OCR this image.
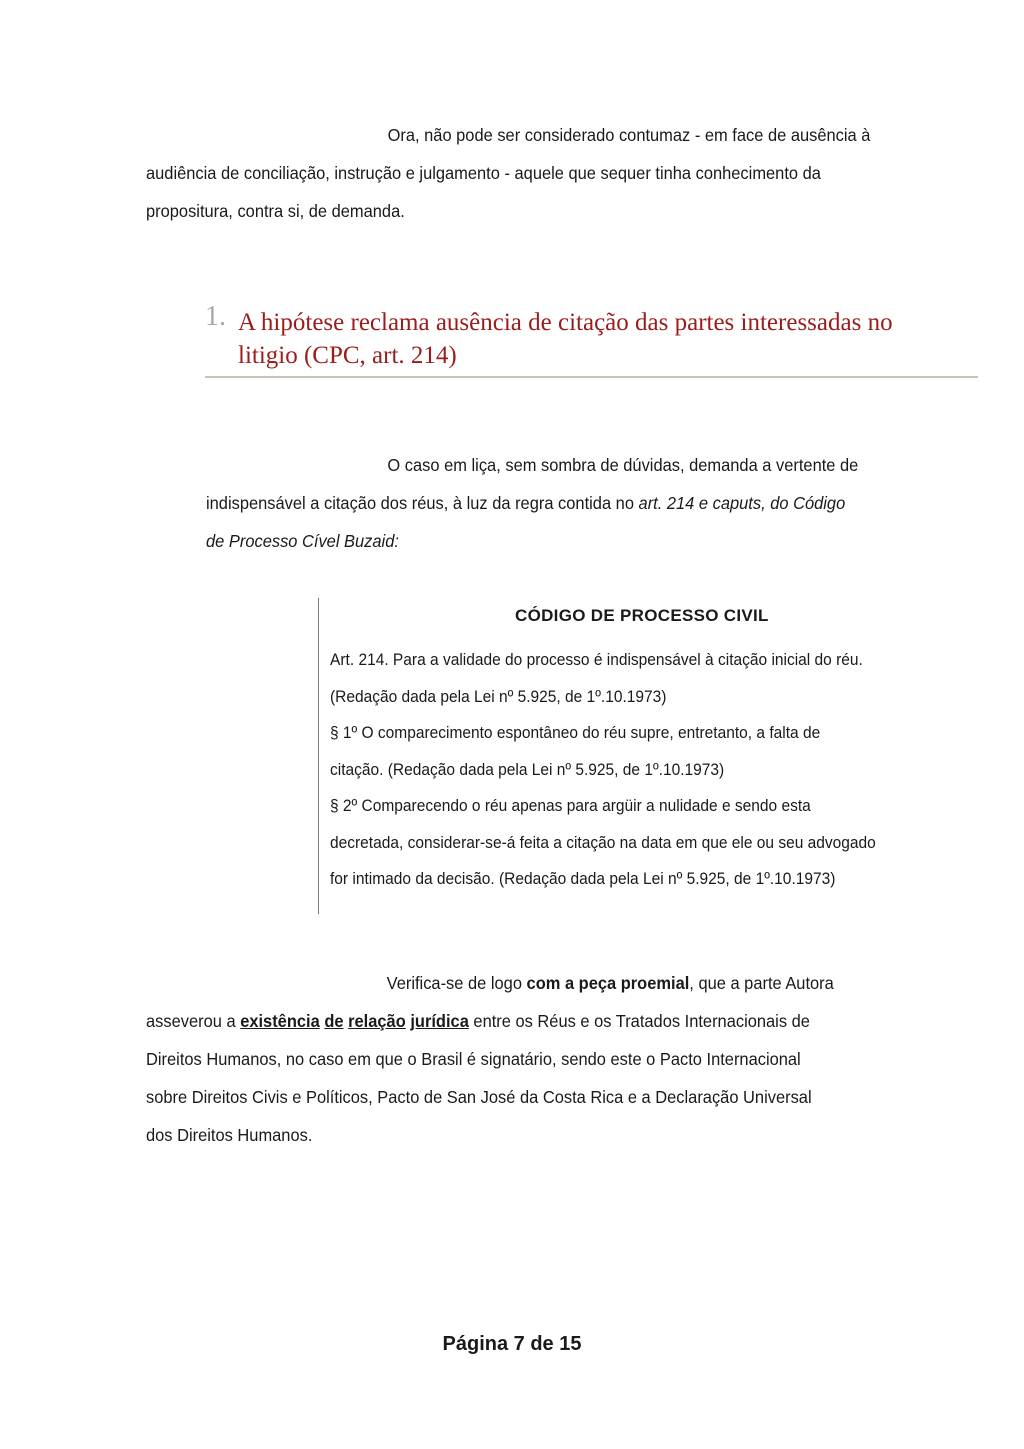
Ora, não pode ser considerado contumaz - em face de ausência à
audiência de conciliação, instrução e julgamento - aquele que sequer tinha conhecimento da
propositura, contra si, de demanda.
1. A hipótese reclama ausência de citação das partes interessadas no
litigio (CPC, art. 214)
O caso em liça, sem sombra de dúvidas, demanda a vertente de
indispensável a citação dos réus, à luz da regra contida no art. 214 e caputs, do Código
de Processo Cível Buzaid:
CÓDIGO DE PROCESSO CIVIL
Art. 214. Para a validade do processo é indispensável à citação inicial do réu.
(Redação dada pela Lei nº 5.925, de 1º.10.1973)
§ 1º O comparecimento espontâneo do réu supre, entretanto, a falta de
citação. (Redação dada pela Lei nº 5.925, de 1º.10.1973)
§ 2º Comparecendo o réu apenas para argüir a nulidade e sendo esta
decretada, considerar-se-á feita a citação na data em que ele ou seu advogado
for intimado da decisão. (Redação dada pela Lei nº 5.925, de 1º.10.1973)
Verifica-se de logo com a peça proemial, que a parte Autora
asseverou a existência de relação jurídica entre os Réus e os Tratados Internacionais de
Direitos Humanos, no caso em que o Brasil é signatário, sendo este o Pacto Internacional
sobre Direitos Civis e Políticos, Pacto de San José da Costa Rica e a Declaração Universal
dos Direitos Humanos.
Página 7 de 15
